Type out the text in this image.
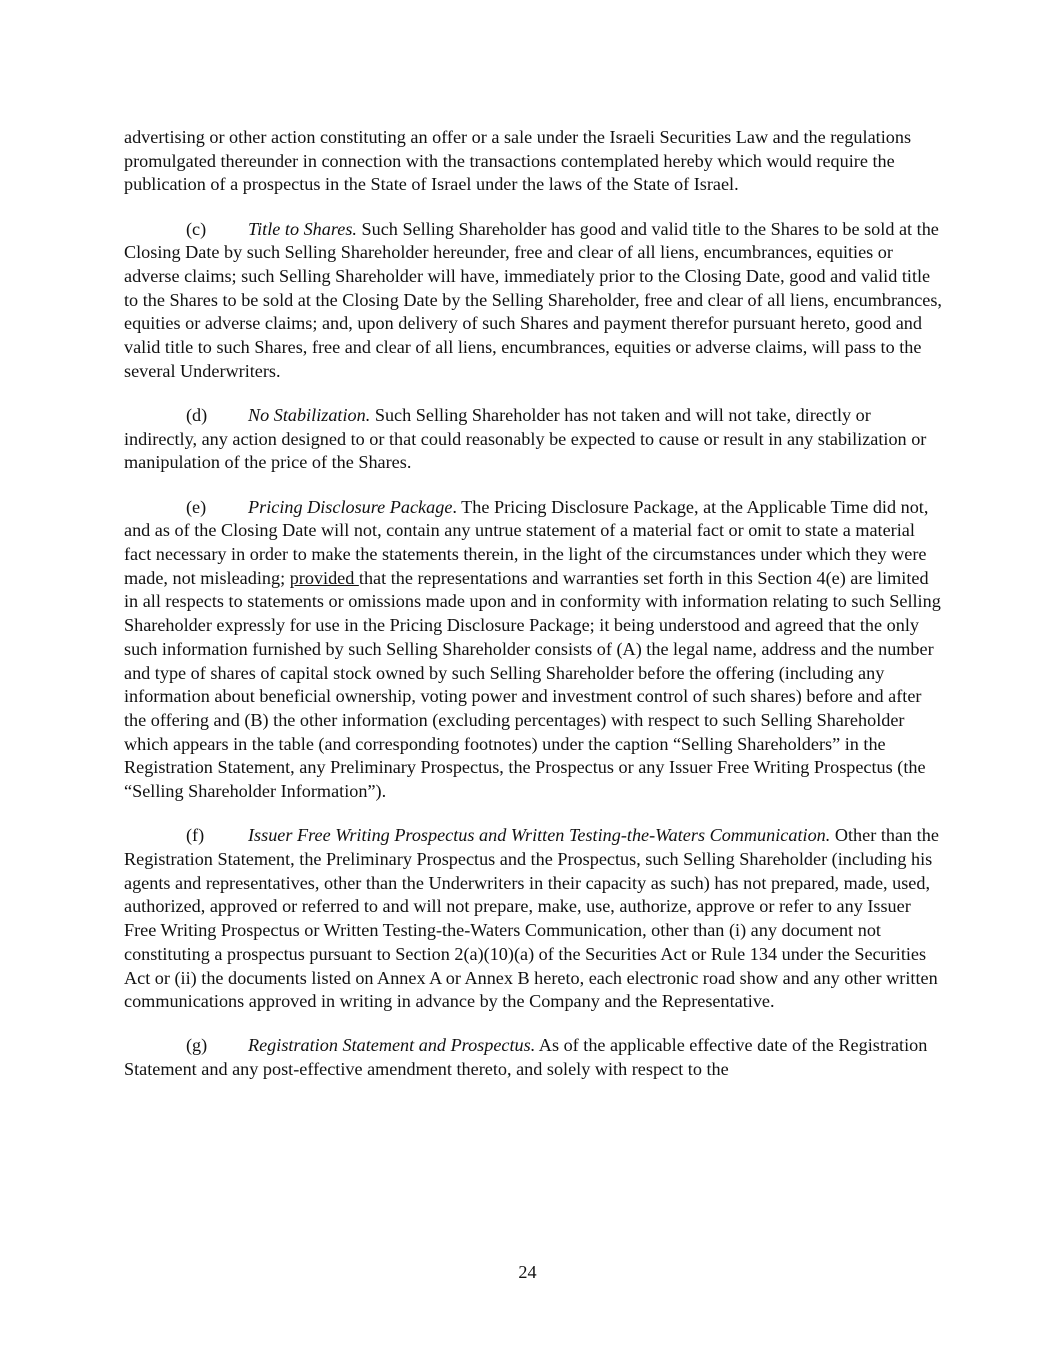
advertising or other action constituting an offer or a sale under the Israeli Securities Law and the regulations promulgated thereunder in connection with the transactions contemplated hereby which would require the publication of a prospectus in the State of Israel under the laws of the State of Israel.

(c) Title to Shares. Such Selling Shareholder has good and valid title to the Shares to be sold at the Closing Date by such Selling Shareholder hereunder, free and clear of all liens, encumbrances, equities or adverse claims; such Selling Shareholder will have, immediately prior to the Closing Date, good and valid title to the Shares to be sold at the Closing Date by the Selling Shareholder, free and clear of all liens, encumbrances, equities or adverse claims; and, upon delivery of such Shares and payment therefor pursuant hereto, good and valid title to such Shares, free and clear of all liens, encumbrances, equities or adverse claims, will pass to the several Underwriters.

(d) No Stabilization. Such Selling Shareholder has not taken and will not take, directly or indirectly, any action designed to or that could reasonably be expected to cause or result in any stabilization or manipulation of the price of the Shares.

(e) Pricing Disclosure Package. The Pricing Disclosure Package, at the Applicable Time did not, and as of the Closing Date will not, contain any untrue statement of a material fact or omit to state a material fact necessary in order to make the statements therein, in the light of the circumstances under which they were made, not misleading; provided that the representations and warranties set forth in this Section 4(e) are limited in all respects to statements or omissions made upon and in conformity with information relating to such Selling Shareholder expressly for use in the Pricing Disclosure Package; it being understood and agreed that the only such information furnished by such Selling Shareholder consists of (A) the legal name, address and the number and type of shares of capital stock owned by such Selling Shareholder before the offering (including any information about beneficial ownership, voting power and investment control of such shares) before and after the offering and (B) the other information (excluding percentages) with respect to such Selling Shareholder which appears in the table (and corresponding footnotes) under the caption “Selling Shareholders” in the Registration Statement, any Preliminary Prospectus, the Prospectus or any Issuer Free Writing Prospectus (the “Selling Shareholder Information”).

(f) Issuer Free Writing Prospectus and Written Testing-the-Waters Communication. Other than the Registration Statement, the Preliminary Prospectus and the Prospectus, such Selling Shareholder (including his agents and representatives, other than the Underwriters in their capacity as such) has not prepared, made, used, authorized, approved or referred to and will not prepare, make, use, authorize, approve or refer to any Issuer Free Writing Prospectus or Written Testing-the-Waters Communication, other than (i) any document not constituting a prospectus pursuant to Section 2(a)(10)(a) of the Securities Act or Rule 134 under the Securities Act or (ii) the documents listed on Annex A or Annex B hereto, each electronic road show and any other written communications approved in writing in advance by the Company and the Representative.

(g) Registration Statement and Prospectus. As of the applicable effective date of the Registration Statement and any post-effective amendment thereto, and solely with respect to the

24
